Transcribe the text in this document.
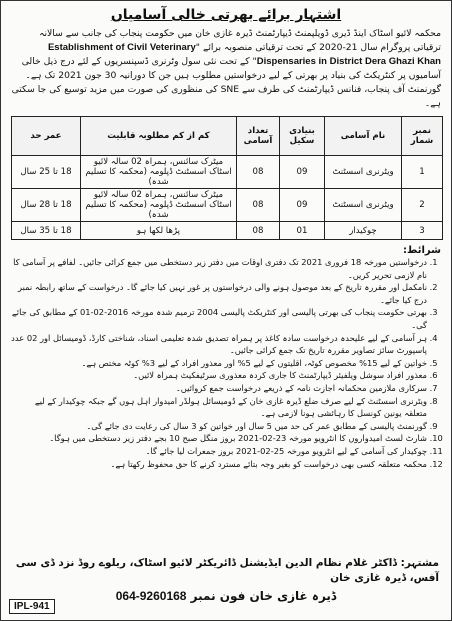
اشتہار برائے بھرتی خالی آسامیاں
محکمہ لائیو اسٹاک اینڈ ڈیری ڈویلپمنٹ ڈیپارٹمنٹ ڈیرہ غازی خان میں حکومت پنجاب کی جانب سے سالانہ ترقیاتی پروگرام سال 21-2020 کے تحت ترقیاتی منصوبہ برائے "Establishment of Civil Veterinary Dispensaries in District Dera Ghazi Khan" کے تحت نئی سول وٹرنری ڈسپنسریوں کے لئے درج ذیل خالی آسامیوں پر کنٹریکٹ کی بنیاد پر بھرتی کے لیے درخواستیں مطلوب ہیں جن کا دورانیہ 30 جون 2021 تک ہے۔ گورنمنٹ آف پنجاب، فنانس ڈیپارٹمنٹ کی طرف سے SNE کی منظوری کی صورت میں مزید توسیع کی جا سکتی ہے۔
نمبر شمار	نام آسامی	بنیادی سکیل	تعداد آسامی	کم از کم مطلوبہ قابلیت	عمر حد
1	ویٹرنری اسسٹنٹ	09	08	میٹرک سائنس، ہمراہ 02 سالہ لائیو اسٹاک اسسٹنٹ ڈپلومہ (محکمہ کا تسلیم شدہ)	18 تا 25 سال
2	ویٹرنری اسسٹنٹ	09	08	میٹرک سائنس، ہمراہ 02 سالہ لائیو اسٹاک اسسٹنٹ ڈپلومہ (محکمہ کا تسلیم شدہ)	18 تا 28 سال
3	چوکیدار	01	08	پڑھا لکھا ہو	18 تا 35 سال
شرائط:
1. درخواستیں مورخہ 18 فروری 2021 تک دفتری اوقات میں دفتر زیر دستخطی میں جمع کرائی جائیں۔ لفافے پر آسامی کا نام لازمی تحریر کریں۔
2. نامکمل اور مقررہ تاریخ کے بعد موصول ہونے والی درخواستوں پر غور نہیں کیا جائے گا۔ درخواست کے ساتھ رابطہ نمبر درج کیا جائے۔
3. بھرتی حکومت پنجاب کی بھرتی پالیسی اور کنٹریکٹ پالیسی 2004 ترمیم شدہ مورخہ 2016-02-01 کے مطابق کی جائے گی۔
4. ہر آسامی کے لیے علیحدہ درخواست سادہ کاغذ پر ہمراہ تصدیق شدہ تعلیمی اسناد، شناختی کارڈ، ڈومیسائل اور 02 عدد پاسپورٹ سائز تصاویر مقررہ تاریخ تک جمع کرائی جائیں۔
5. خواتین کے لیے 15% مخصوص کوٹہ، اقلیتوں کے لیے 5% اور معذور افراد کے لیے 3% کوٹہ مختص ہے۔
6. معذور افراد سوشل ویلفیئر ڈیپارٹمنٹ کا جاری کردہ معذوری سرٹیفکیٹ ہمراہ لائیں۔
7. سرکاری ملازمین محکمانہ اجازت نامہ کے ذریعے درخواست جمع کروائیں۔
8. ویٹرنری اسسٹنٹ کے لیے صرف ضلع ڈیرہ غازی خان کے ڈومیسائل ہولڈر امیدوار اہل ہوں گے جبکہ چوکیدار کے لیے متعلقہ یونین کونسل کا رہائشی ہونا لازمی ہے۔
9. گورنمنٹ پالیسی کے مطابق عمر کی حد میں 5 سال اور خواتین کو 3 سال کی رعایت دی جائے گی۔
10. شارٹ لسٹ امیدواروں کا انٹرویو مورخہ 23-02-2021 بروز منگل صبح 10 بجے دفتر زیر دستخطی میں ہوگا۔
11. چوکیدار کی آسامی کے لیے انٹرویو مورخہ 25-02-2021 بروز جمعرات لیا جائے گا۔
12. محکمہ متعلقہ کسی بھی درخواست کو بغیر وجہ بتائے مسترد کرنے کا حق محفوظ رکھتا ہے۔
مشتہر: ڈاکٹر غلام نظام الدین ایڈیشنل ڈائریکٹر لائیو اسٹاک، ریلوے روڈ نزد ڈی سی آفس، ڈیرہ غازی خان
ڈیرہ غازی خان فون نمبر 064-9260168
IPL-941
